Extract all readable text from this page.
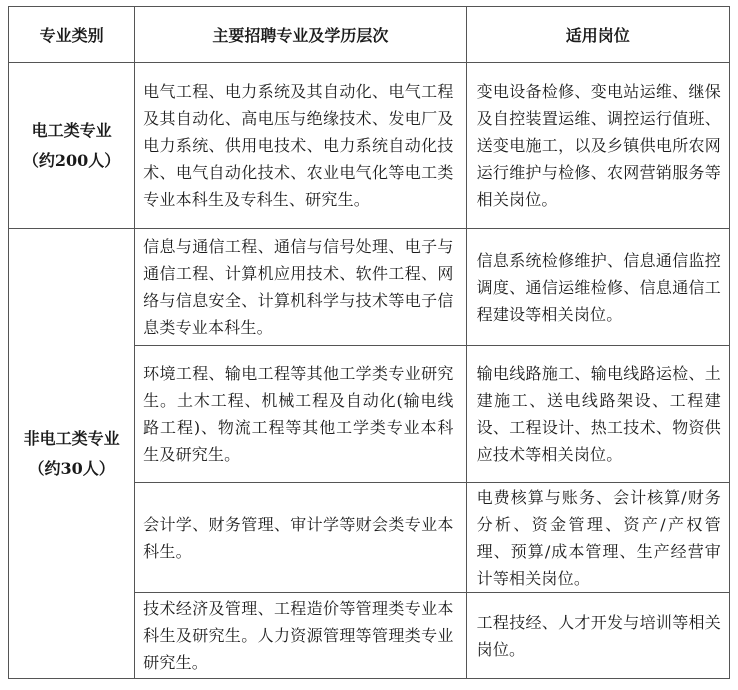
专业类别	主要招聘专业及学历层次	适用岗位

电工类专业
（约200人）	电气工程、电力系统及其自动化、电气工程及其自动化、高电压与绝缘技术、发电厂及电力系统、供用电技术、电力系统自动化技术、电气自动化技术、农业电气化等电工类专业本科生及专科生、研究生。	变电设备检修、变电站运维、继保及自控装置运维、调控运行值班、送变电施工，以及乡镇供电所农网运行维护与检修、农网营销服务等相关岗位。

非电工类专业
（约30人）	信息与通信工程、通信与信号处理、电子与通信工程、计算机应用技术、软件工程、网络与信息安全、计算机科学与技术等电子信息类专业本科生。	信息系统检修维护、信息通信监控调度、通信运维检修、信息通信工程建设等相关岗位。

	环境工程、输电工程等其他工学类专业研究生。土木工程、机械工程及自动化(输电线路工程)、物流工程等其他工学类专业本科生及研究生。	输电线路施工、输电线路运检、土建施工、送电线路架设、工程建设、工程设计、热工技术、物资供应技术等相关岗位。

	会计学、财务管理、审计学等财会类专业本科生。	电费核算与账务、会计核算/财务分析、资金管理、资产/产权管理、预算/成本管理、生产经营审计等相关岗位。

	技术经济及管理、工程造价等管理类专业本科生及研究生。人力资源管理等管理类专业研究生。	工程技经、人才开发与培训等相关岗位。
